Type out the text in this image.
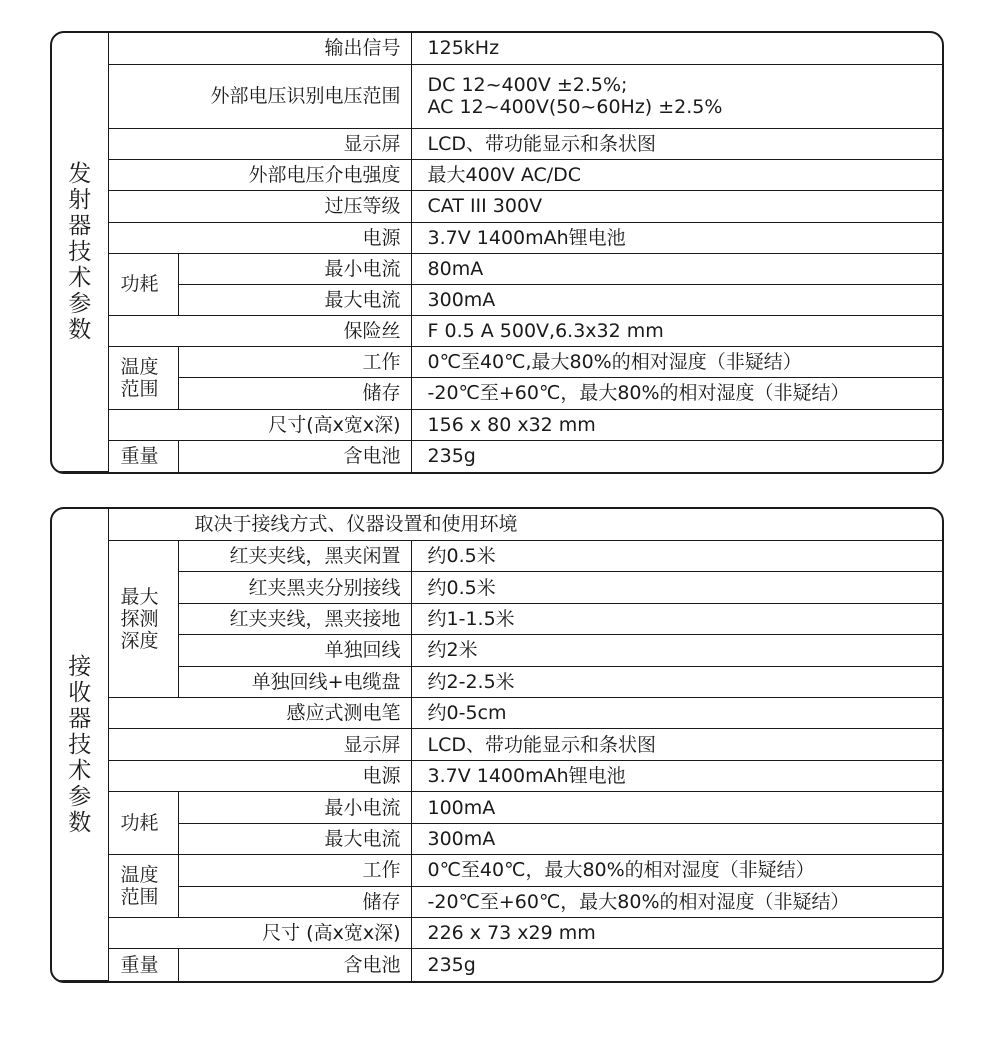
发射器技术参数	输出信号		125kHz
	外部电压识别电压范围		DC 12~400V ±2.5%;
AC 12~400V(50~60Hz) ±2.5%

	显示屏		LCD、带功能显示和条状图
	外部电压介电强度		最大400V AC/DC
	过压等级		CAT III 300V
	电源		3.7V 1400mAh锂电池
	功耗	最小电流	80mA
		最大电流	300mA
	保险丝		F 0.5 A 500V,6.3x32 mm

	温度
范围	工作	0℃至40℃,最大80%的相对湿度（非疑结）
		储存	-20℃至+60℃，最大80%的相对湿度（非疑结）
	尺寸(高x宽x深)		156 x 80 x32 mm
	重量	含电池	235g
接收器技术参数	取决于接线方式、仪器设置和使用环境		

	最大
探测
深度	红夹夹线，黑夹闲置	约0.5米
		红夹黑夹分别接线	约0.5米
		红夹夹线，黑夹接地	约1-1.5米
		单独回线	约2米
		单独回线+电缆盘	约2-2.5米
	感应式测电笔		约0-5cm
	显示屏		LCD、带功能显示和条状图
	电源		3.7V 1400mAh锂电池
	功耗	最小电流	100mA
		最大电流	300mA

	温度
范围	工作	0℃至40℃，最大80%的相对湿度（非疑结）
		储存	-20℃至+60℃，最大80%的相对湿度（非疑结）
	尺寸 (高x宽x深)		226 x 73 x29 mm
	重量	含电池	235g
